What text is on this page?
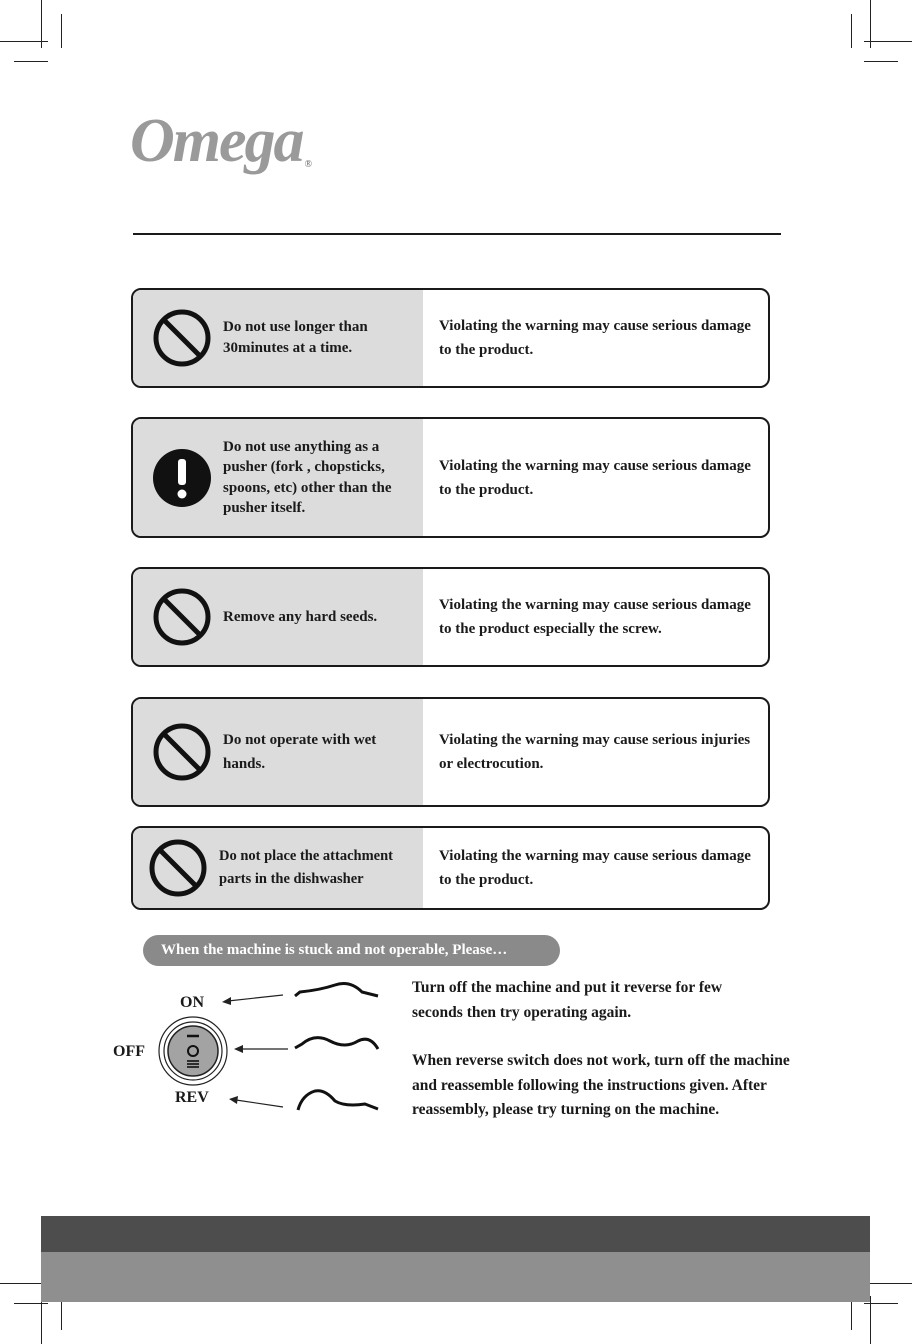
Omega ®
Do not use longer than 30minutes at a time.
Violating the warning may cause serious damage to the product.
Do not use anything as a pusher (fork , chopsticks, spoons, etc) other than the pusher itself.
Violating the warning may cause serious damage to the product.
Remove any hard seeds.
Violating the warning may cause serious damage to the product especially the screw.
Do not operate with wet hands.
Violating the warning may cause serious injuries or electrocution.
Do not place the attachment parts in the dishwasher
Violating the warning may cause serious damage to the product.
When the machine is stuck and not operable, Please…
ON
OFF
REV
Turn off the machine and put it reverse for few seconds then try operating again.
When reverse switch does not work, turn off the machine and reassemble following the instructions given. After reassembly, please try turning on the machine.
